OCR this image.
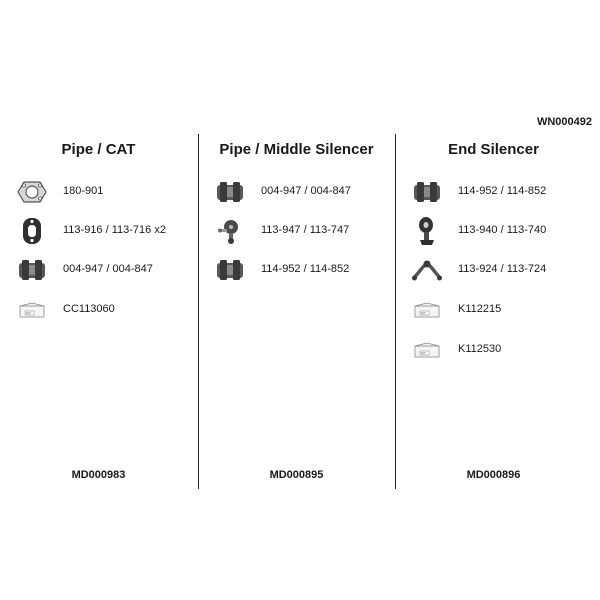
WN000492
Pipe / CAT
180-901
113-916 / 113-716 x2
004-947 / 004-847
KIT	CC113060
MD000983
Pipe / Middle Silencer
004-947 / 004-847
113-947 / 113-747
114-952 / 114-852
MD000895
End Silencer
114-952 / 114-852
113-940 / 113-740
113-924 / 113-724
KIT	K112215
KIT	K112530
MD000896
